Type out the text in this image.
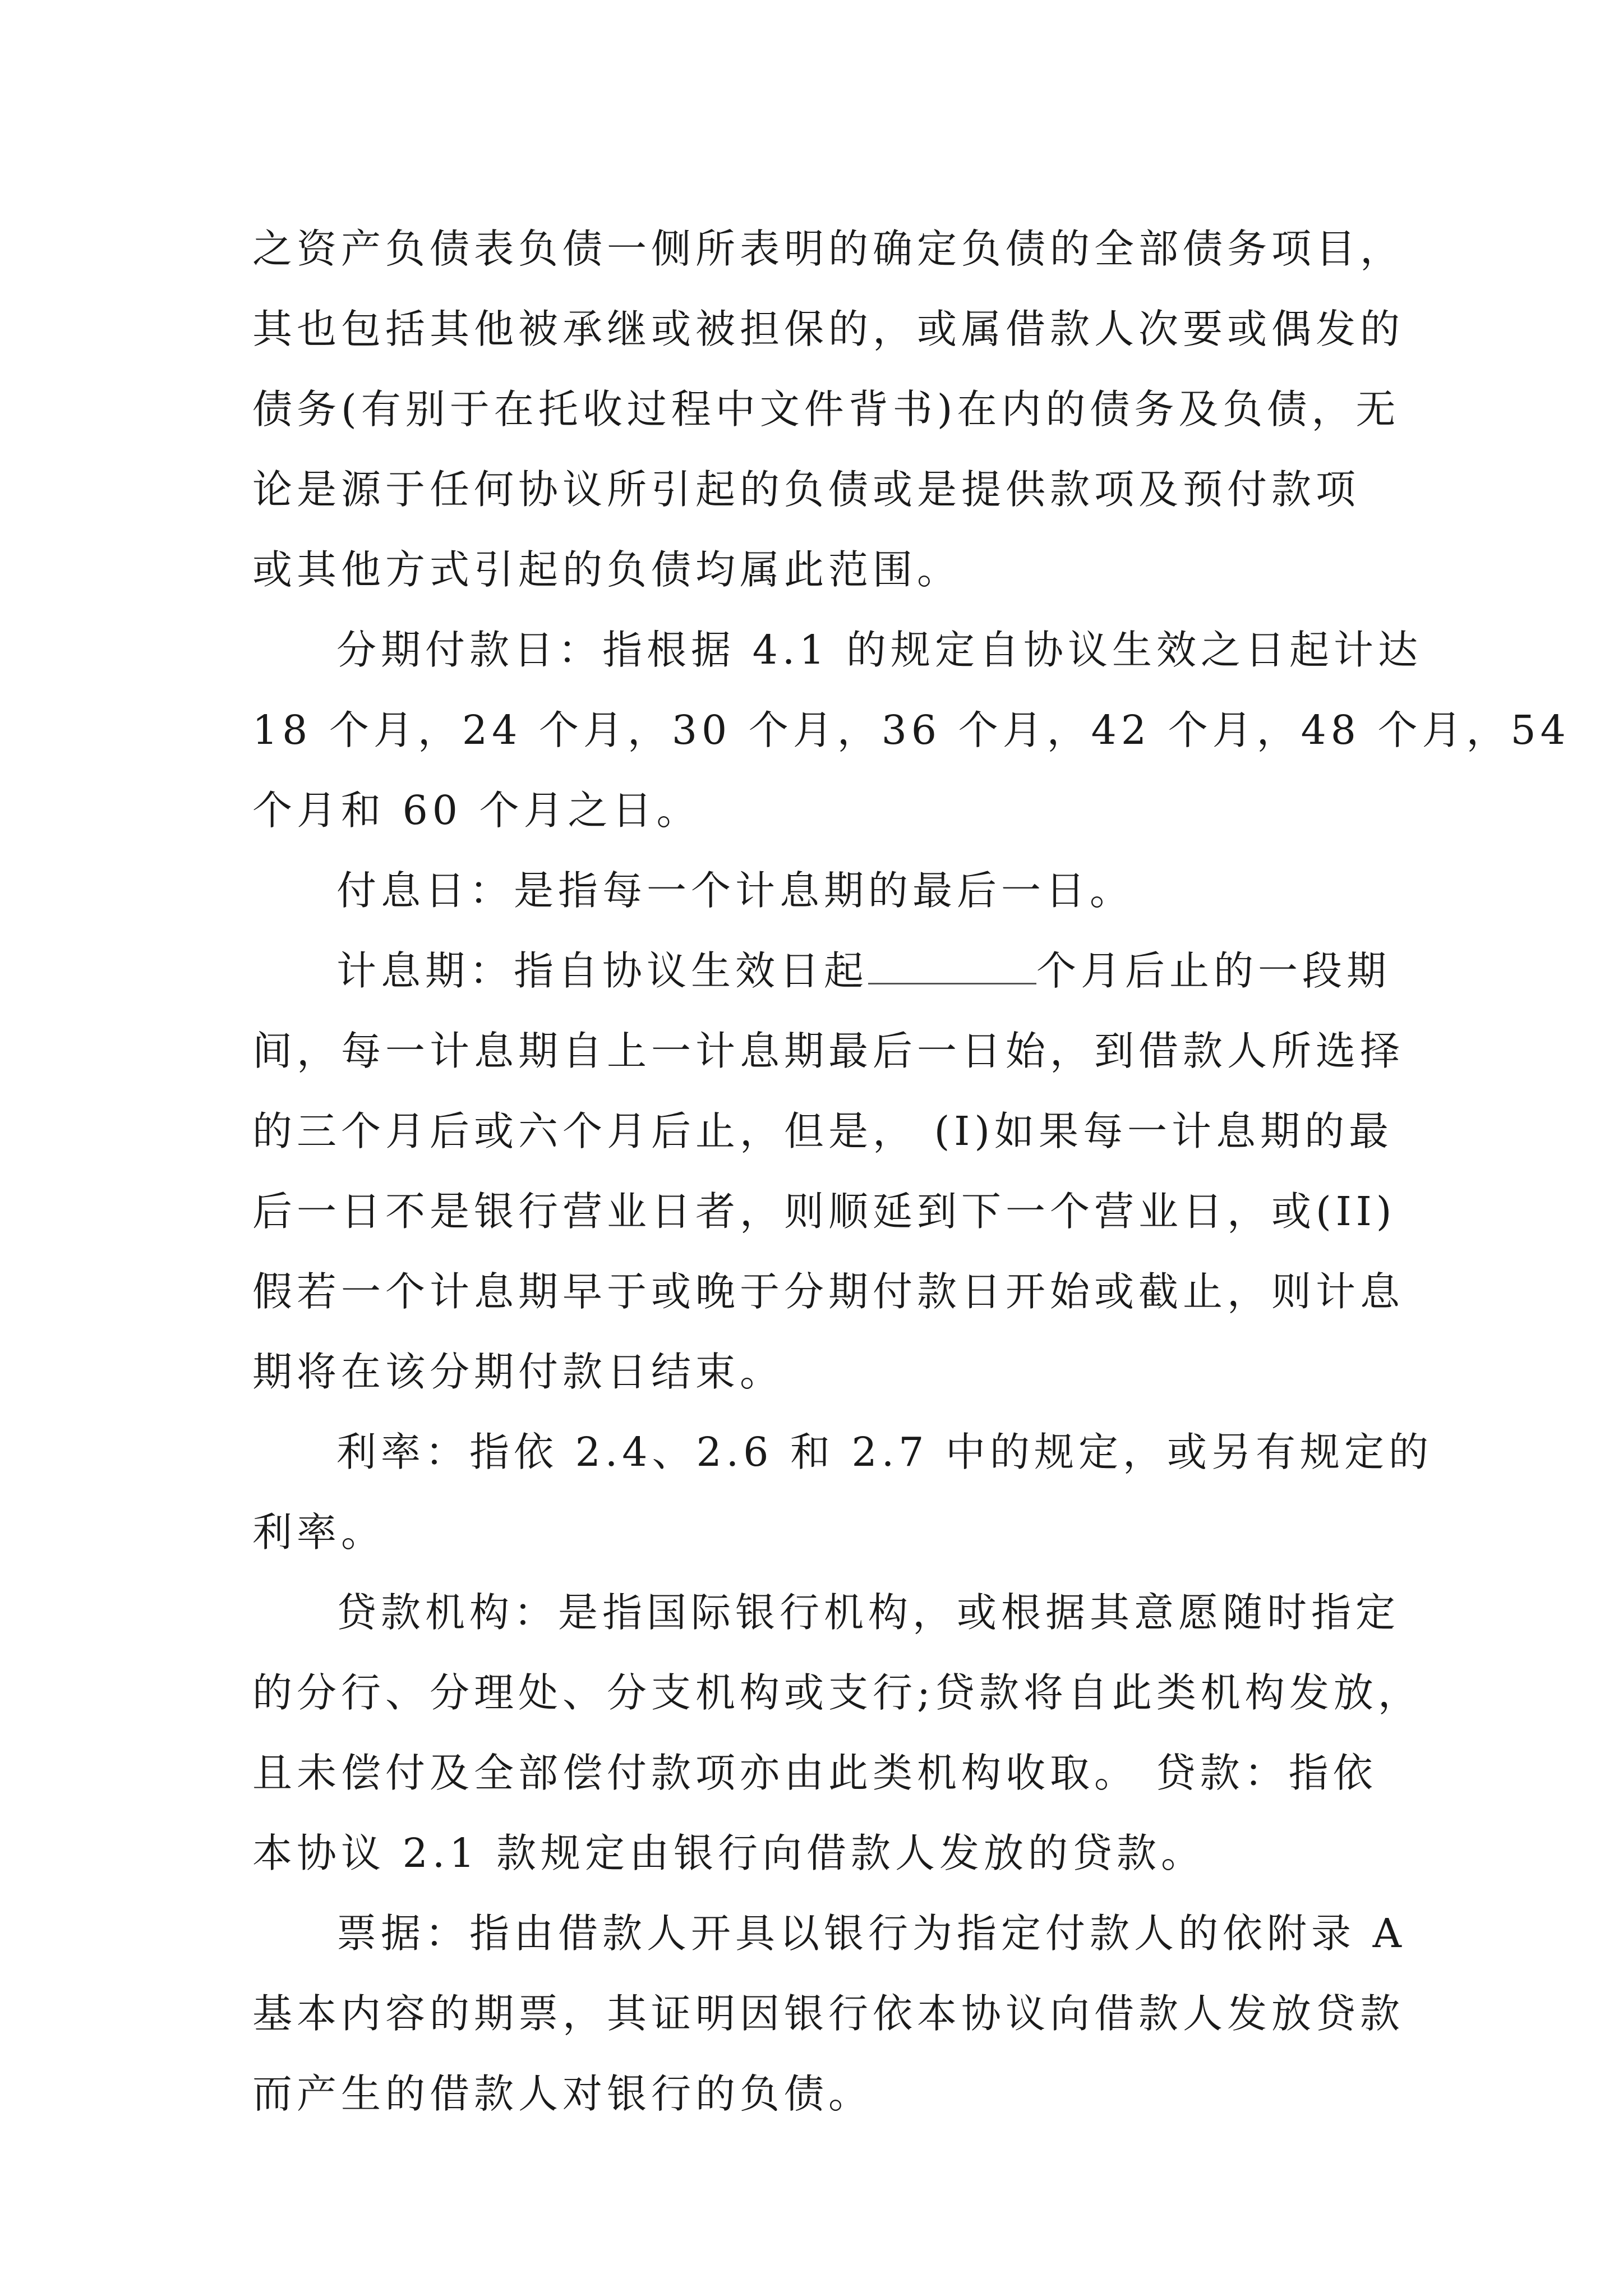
之资产负债表负债一侧所表明的确定负债的全部债务项目，
其也包括其他被承继或被担保的，或属借款人次要或偶发的
债务(有别于在托收过程中文件背书)在内的债务及负债，无
论是源于任何协议所引起的负债或是提供款项及预付款项
或其他方式引起的负债均属此范围。
分期付款日：指根据 4.1 的规定自协议生效之日起计达
18 个月，24 个月，30 个月，36 个月，42 个月，48 个月，54
个月和 60 个月之日。
付息日：是指每一个计息期的最后一日。
计息期：指自协议生效日起	个月后止的一段期
间，每一计息期自上一计息期最后一日始，到借款人所选择
的三个月后或六个月后止，但是， (I)如果每一计息期的最
后一日不是银行营业日者，则顺延到下一个营业日，或(II)
假若一个计息期早于或晚于分期付款日开始或截止，则计息
期将在该分期付款日结束。
利率：指依 2.4、2.6 和 2.7 中的规定，或另有规定的
利率。
贷款机构：是指国际银行机构，或根据其意愿随时指定
的分行、分理处、分支机构或支行;贷款将自此类机构发放，
且未偿付及全部偿付款项亦由此类机构收取。 贷款：指依
本协议 2.1 款规定由银行向借款人发放的贷款。
票据：指由借款人开具以银行为指定付款人的依附录 A
基本内容的期票，其证明因银行依本协议向借款人发放贷款
而产生的借款人对银行的负债。
